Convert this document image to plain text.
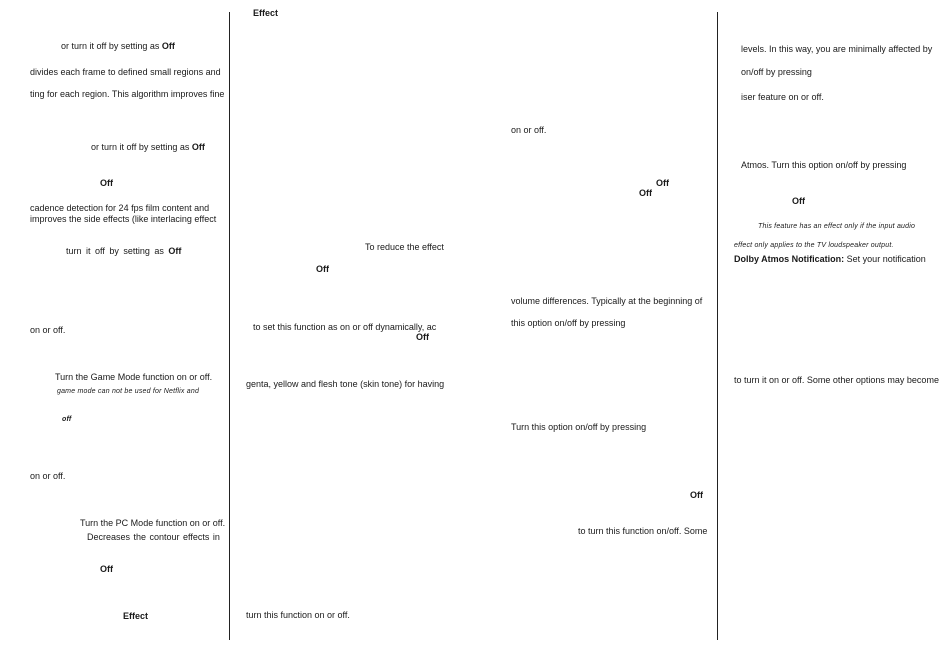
or turn it off by setting as Off
divides each frame to defined small regions and
ting for each region. This algorithm improves fine
or turn it off by setting as Off
Off
cadence detection for 24 fps film content and
improves the side effects (like interlacing effect
turn it off by setting as Off
on or off.
Turn the Game Mode function on or off.
game mode can not be used for Netflix and
off
on or off.
Turn the PC Mode function on or off.
Decreases the contour effects in
Off
Effect
Effect
To reduce the effect
Off
to set this function as on or off dynamically, ac
Off
genta, yellow and flesh tone (skin tone) for having
turn this function on or off.
on or off.
Off
Off
volume differences. Typically at the beginning of
this option on/off by pressing
Turn this option on/off by pressing
Off
to turn this function on/off. Some
levels. In this way, you are minimally affected by
on/off by pressing
iser feature on or off.
Atmos. Turn this option on/off by pressing
Off
This feature has an effect only if the input audio
effect only applies to the TV loudspeaker output.
Dolby Atmos Notification: Set your notification
to turn it on or off. Some other options may become
